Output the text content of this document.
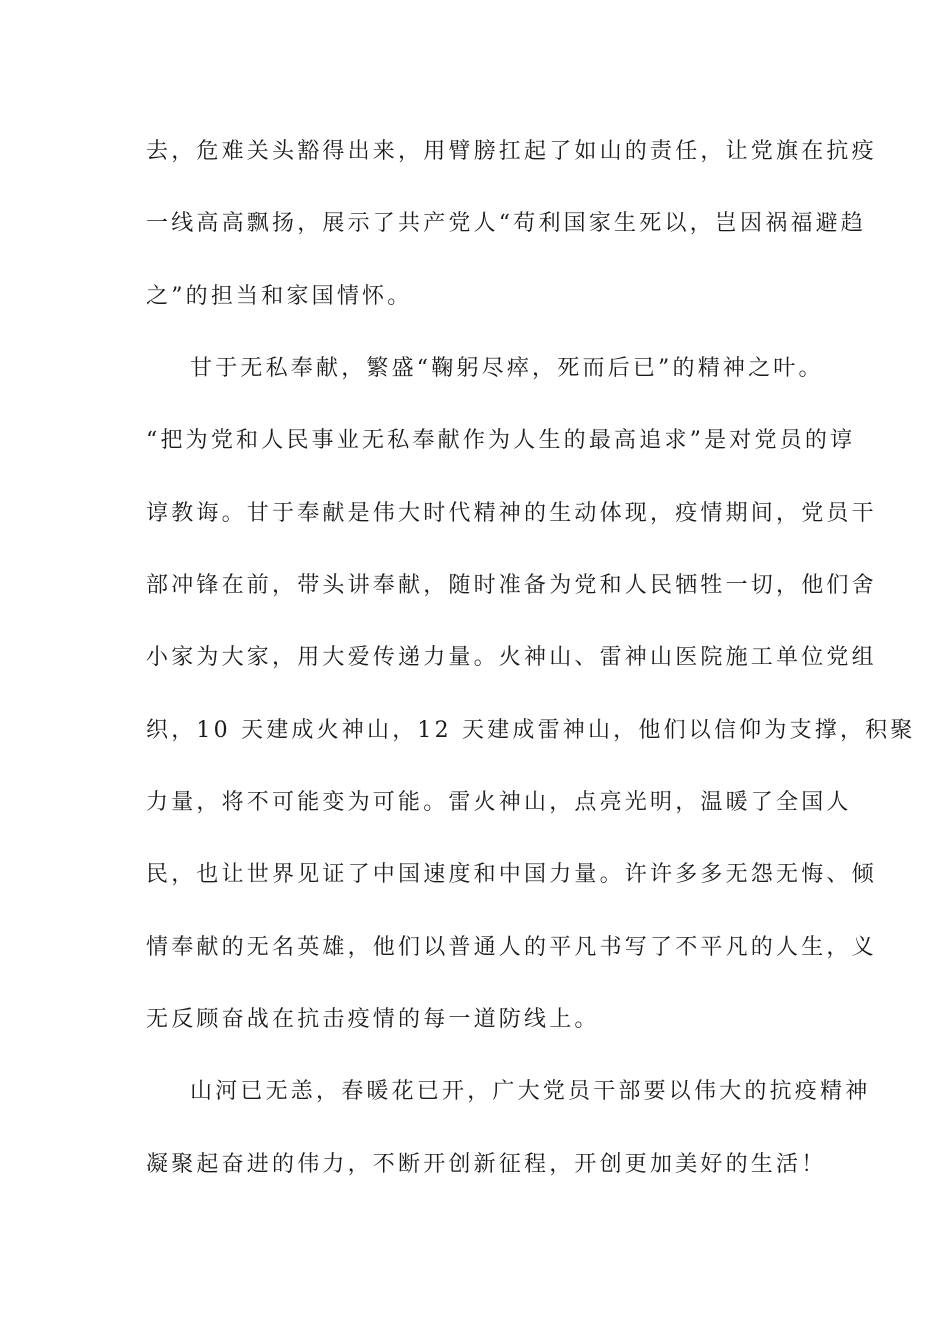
去，危难关头豁得出来，用臂膀扛起了如山的责任，让党旗在抗疫

一线高高飘扬，展示了共产党人“苟利国家生死以，岂因祸福避趋

之”的担当和家国情怀。

甘于无私奉献，繁盛“鞠躬尽瘁，死而后已”的精神之叶。

“把为党和人民事业无私奉献作为人生的最高追求”是对党员的谆

谆教诲。甘于奉献是伟大时代精神的生动体现，疫情期间，党员干

部冲锋在前，带头讲奉献，随时准备为党和人民牺牲一切，他们舍

小家为大家，用大爱传递力量。火神山、雷神山医院施工单位党组

织，10 天建成火神山，12 天建成雷神山，他们以信仰为支撑，积聚

力量，将不可能变为可能。雷火神山，点亮光明，温暖了全国人

民，也让世界见证了中国速度和中国力量。许许多多无怨无悔、倾

情奉献的无名英雄，他们以普通人的平凡书写了不平凡的人生，义

无反顾奋战在抗击疫情的每一道防线上。

山河已无恙，春暖花已开，广大党员干部要以伟大的抗疫精神

凝聚起奋进的伟力，不断开创新征程，开创更加美好的生活！
